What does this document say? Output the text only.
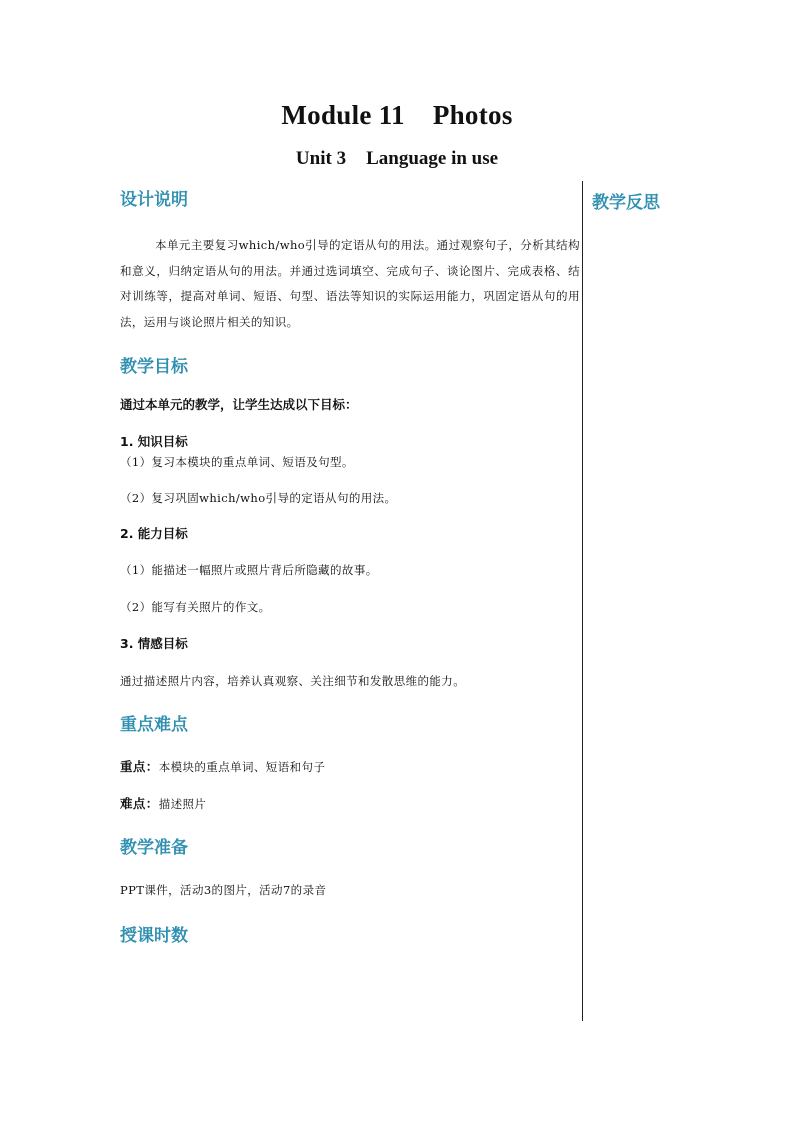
Module 11 Photos
Unit 3 Language in use
教学反思
设计说明

本单元主要复习which/who引导的定语从句的用法。通过观察句子，分析其结构和意义，归纳定语从句的用法。并通过选词填空、完成句子、谈论图片、完成表格、结对训练等，提高对单词、短语、句型、语法等知识的实际运用能力，巩固定语从句的用法，运用与谈论照片相关的知识。

教学目标

通过本单元的教学，让学生达成以下目标：

1. 知识目标

（1）复习本模块的重点单词、短语及句型。

（2）复习巩固which/who引导的定语从句的用法。

2. 能力目标

（1）能描述一幅照片或照片背后所隐藏的故事。

（2）能写有关照片的作文。

3. 情感目标

通过描述照片内容，培养认真观察、关注细节和发散思维的能力。

重点难点

重点：本模块的重点单词、短语和句子

难点：描述照片

教学准备

PPT课件，活动3的图片，活动7的录音

授课时数
